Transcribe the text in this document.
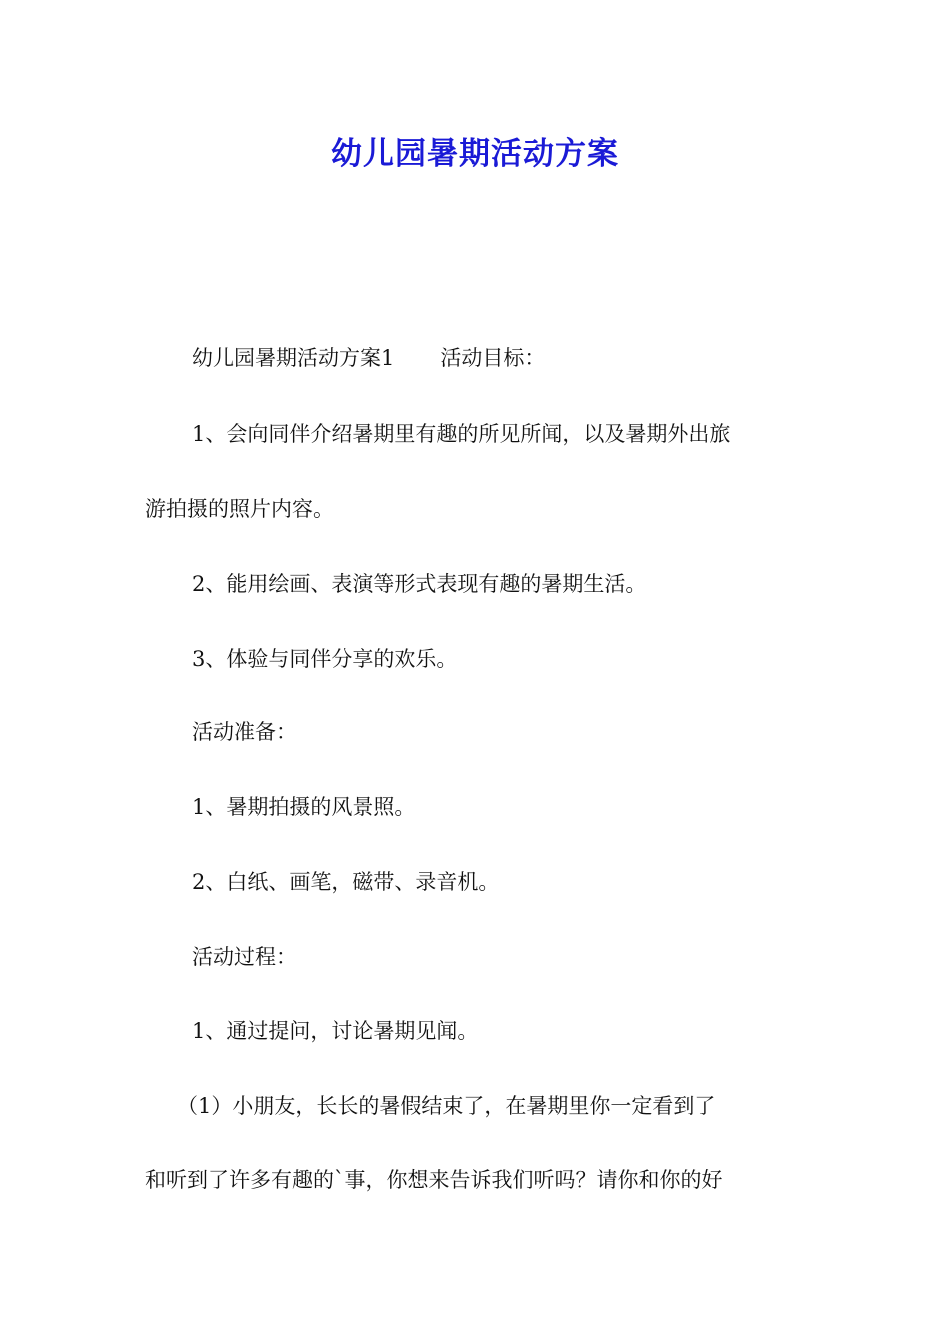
幼儿园暑期活动方案
幼儿园暑期活动方案1 活动目标：
1、会向同伴介绍暑期里有趣的所见所闻，以及暑期外出旅
游拍摄的照片内容。
2、能用绘画、表演等形式表现有趣的暑期生活。
3、体验与同伴分享的欢乐。
活动准备：
1、暑期拍摄的风景照。
2、白纸、画笔，磁带、录音机。
活动过程：
1、通过提问，讨论暑期见闻。
（1）小朋友，长长的暑假结束了，在暑期里你一定看到了
和听到了许多有趣的`事，你想来告诉我们听吗？请你和你的好
